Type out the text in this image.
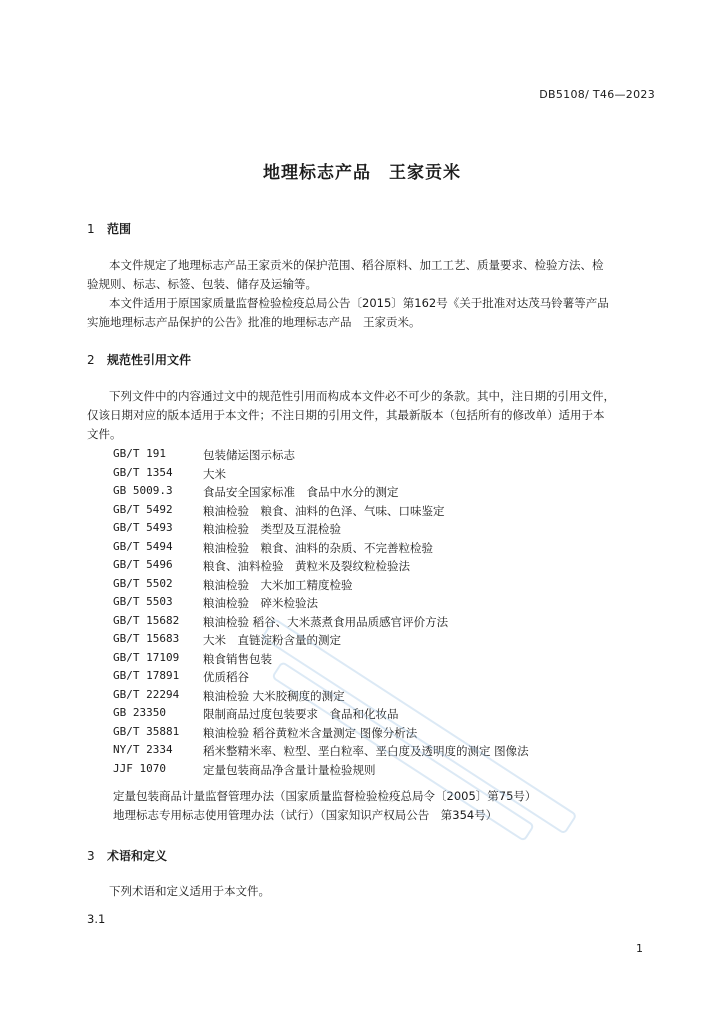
DB5108/ T46—2023
地理标志产品　王家贡米
1 范围
本文件规定了地理标志产品王家贡米的保护范围、稻谷原料、加工工艺、质量要求、检验方法、检
验规则、标志、标签、包装、储存及运输等。
本文件适用于原国家质量监督检验检疫总局公告〔2015〕第162号《关于批准对达茂马铃薯等产品
实施地理标志产品保护的公告》批准的地理标志产品　王家贡米。
2 规范性引用文件
下列文件中的内容通过文中的规范性引用而构成本文件必不可少的条款。其中，注日期的引用文件，
仅该日期对应的版本适用于本文件；不注日期的引用文件，其最新版本（包括所有的修改单）适用于本
文件。
GB/T 191	包装储运图示标志
GB/T 1354	大米
GB 5009.3	食品安全国家标准　食品中水分的测定
GB/T 5492	粮油检验　粮食、油料的色泽、气味、口味鉴定
GB/T 5493	粮油检验　类型及互混检验
GB/T 5494	粮油检验　粮食、油料的杂质、不完善粒检验
GB/T 5496	粮食、油料检验　黄粒米及裂纹粒检验法
GB/T 5502	粮油检验　大米加工精度检验
GB/T 5503	粮油检验　碎米检验法
GB/T 15682 粮油检验 稻谷、大米蒸煮食用品质感官评价方法
GB/T 15683 大米　直链淀粉含量的测定
GB/T 17109 粮食销售包装
GB/T 17891 优质稻谷
GB/T 22294 粮油检验 大米胶稠度的测定
GB 23350	限制商品过度包装要求　食品和化妆品
GB/T 35881 粮油检验 稻谷黄粒米含量测定 图像分析法
NY/T 2334	稻米整精米率、粒型、垩白粒率、垩白度及透明度的测定 图像法
JJF 1070	定量包装商品净含量计量检验规则
定量包装商品计量监督管理办法（国家质量监督检验检疫总局令〔2005〕第75号）
地理标志专用标志使用管理办法（试行）（国家知识产权局公告　第354号）
3 术语和定义
下列术语和定义适用于本文件。
3.1
1
